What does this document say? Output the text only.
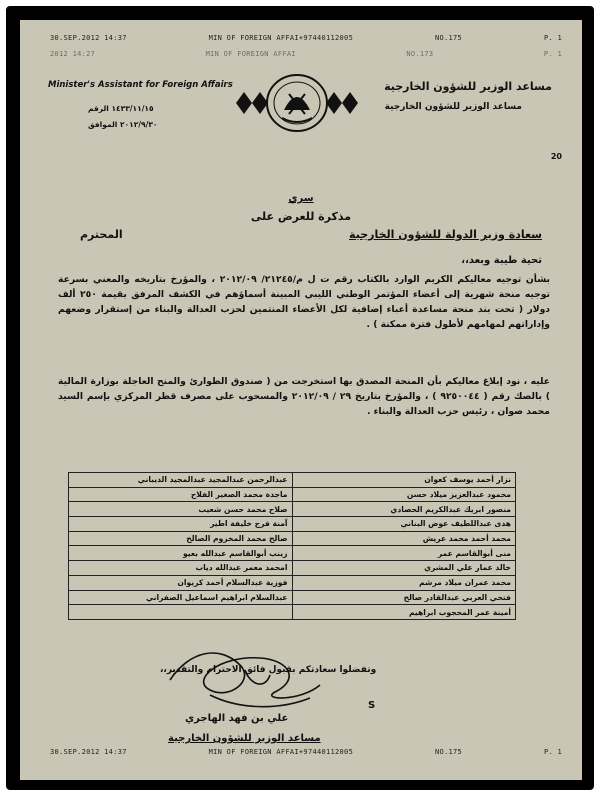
30.SEP.2012 14:37	MIN OF FOREIGN AFFAI+97440112005	NO.175	P. 1
2012 14:27	MIN OF FOREIGN AFFAI	NO.173	P. 1
Minister's Assistant for Foreign Affairs
١٤٣٣/١١/١٥ الرقم
٢٠١٢/٩/٣٠ الموافق
مساعد الوزير للشؤون الخارجية
مساعد الوزير للشؤون الخارجية
20
سري
مذكرة للعرض على
سعادة وزير الدولة للشؤون الخارجية
المحترم
تحية طيبة وبعد،،
بشأن توجيه معاليكم الكريم الوارد بالكتاب رقم ت ل م/٢١٢٤٥/ ٢٠١٢/٠٩ ، والمؤرخ بتاريخه والمعني بسرعة توجيه منحة شهرية إلى أعضاء المؤتمر الوطني الليبي المبينة أسماؤهم في الكشف المرفق بقيمة ٢٥٠ ألف دولار ( تحت بند منحة مساعدة أعباء إضافية لكل الأعضاء المنتمين لحزب العدالة والبناء من إستقرار وضعهم وإداراتهم لمهامهم لأطول فترة ممكنة ) .
عليه ، نود إبلاغ معاليكم بأن المنحة المصدق بها استخرجت من ( صندوق الطوارئ والمنح العاجلة بوزارة المالية ) بالصك رقم ( ٩٢٥٠٠٤٤ ) ، والمؤرخ بتاريخ ٢٩ / ٢٠١٢/٠٩ والمسحوب على مصرف قطر المركزي بإسم السيد محمد صوان ، رئيس حزب العدالة والبناء .
نزار أحمد يوسف كعوان	عبدالرحمن عبدالمجيد عبدالمجيد الديباني
محمود عبدالعزيز ميلاد حسن	ماجدة محمد الصغير الفلاح
منصور ابريك عبدالكريم الحصادي	صلاح محمد حسن شعيب
هدى عبداللطيف عوض البناني	آمنة فرج خليفة اطير
محمد أحمد محمد عريش	صالح محمد المخزوم الصالح
منى أبوالقاسم عمر	زينب أبوالقاسم عبدالله بعيو
خالد عمار علي المشري	امحمد معمر عبدالله دياب
محمد عمران ميلاد مرشم	فوزية عبدالسلام أحمد كريوان
فتحي العربي عبدالقادر صالح	عبدالسلام ابراهيم اسماعيل الصفراني
أمينة عمر المحجوب ابراهيم	
وتفضلوا سعادتكم بقبول فائق الاحترام والتقدير،،
S
علي بن فهد الهاجري
مساعد الوزير للشؤون الخارجية
30.SEP.2012 14:37	MIN OF FOREIGN AFFAI+97440112005	NO.175	P. 1
